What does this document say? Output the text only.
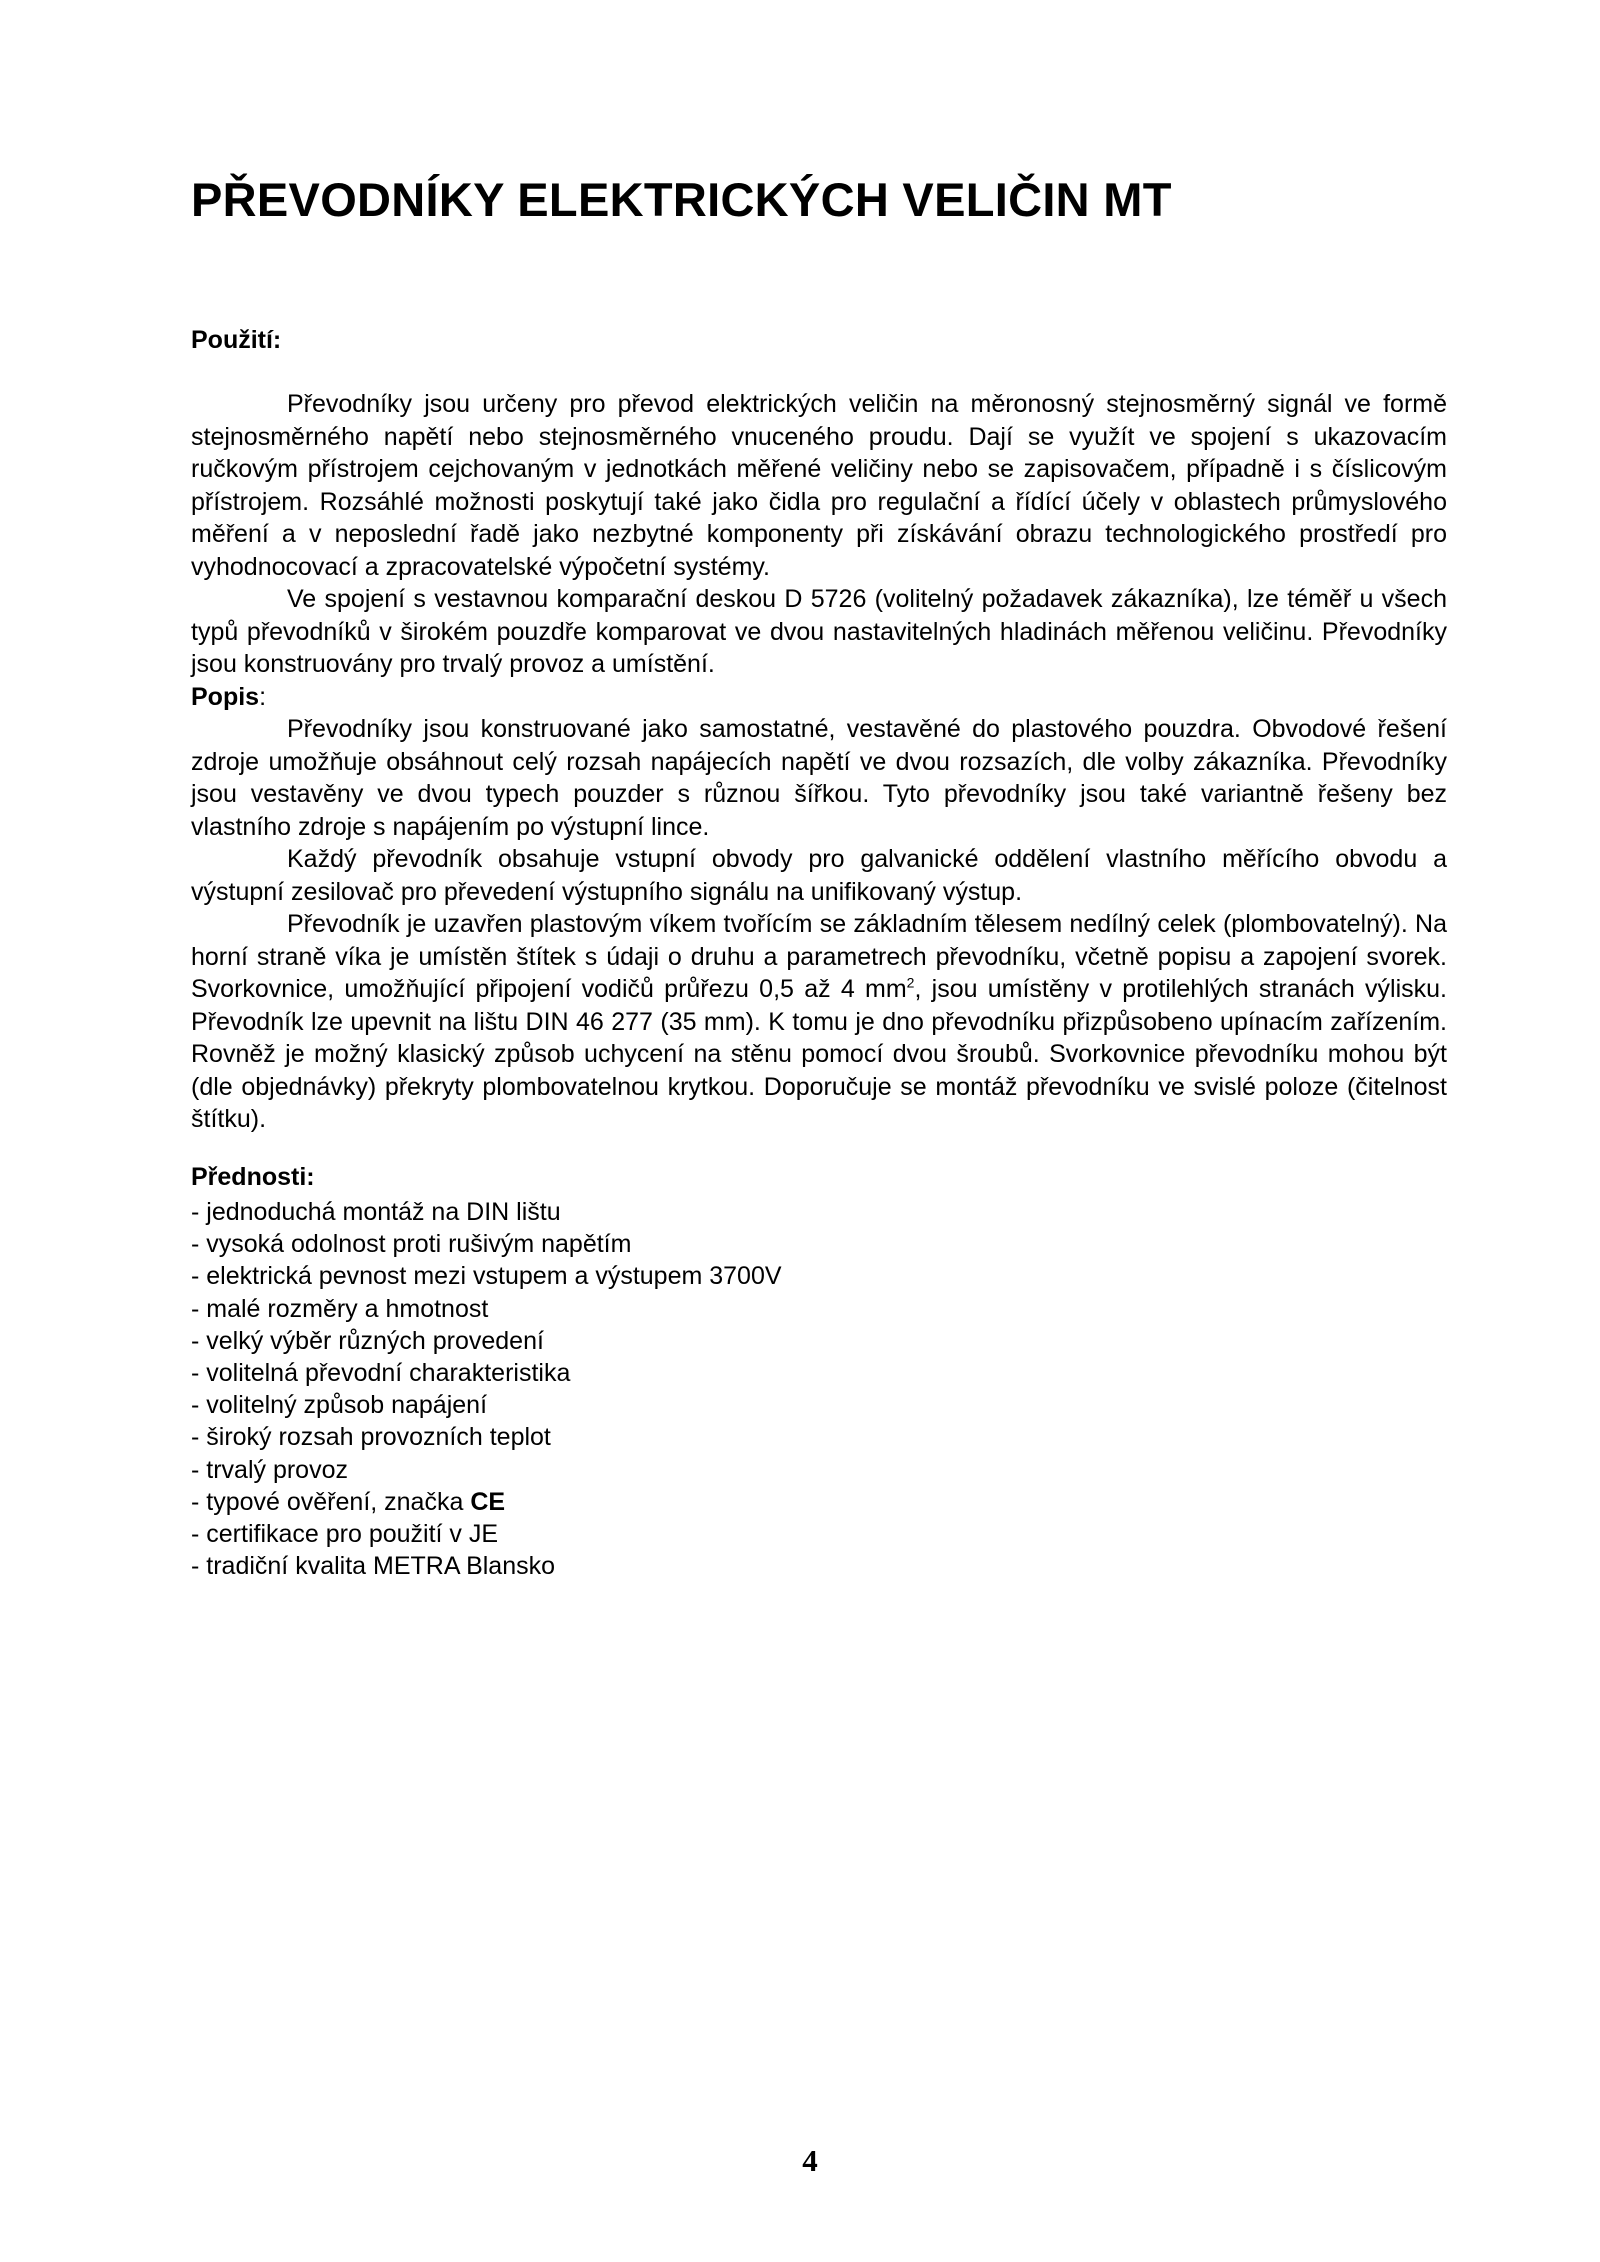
PŘEVODNÍKY ELEKTRICKÝCH VELIČIN MT
Použití:

Převodníky jsou určeny pro převod elektrických veličin na měronosný stejnosměrný signál ve formě stejnosměrného napětí nebo stejnosměrného vnuceného proudu. Dají se využít ve spojení s ukazovacím ručkovým přístrojem cejchovaným v jednotkách měřené veličiny nebo se zapisovačem, případně i s číslicovým přístrojem. Rozsáhlé možnosti poskytují také jako čidla pro regulační a řídící účely v oblastech průmyslového měření a v neposlední řadě jako nezbytné komponenty při získávání obrazu technologického prostředí pro vyhodnocovací a zpracovatelské výpočetní systémy.

Ve spojení s vestavnou komparační deskou D 5726 (volitelný požadavek zákazníka), lze téměř u všech typů převodníků v širokém pouzdře komparovat ve dvou nastavitelných hladinách měřenou veličinu. Převodníky jsou konstruovány pro trvalý provoz a umístění.

Popis:

Převodníky jsou konstruované jako samostatné, vestavěné do plastového pouzdra. Obvodové řešení zdroje umožňuje obsáhnout celý rozsah napájecích napětí ve dvou rozsazích, dle volby zákazníka. Převodníky jsou vestavěny ve dvou typech pouzder s různou šířkou. Tyto převodníky jsou také variantně řešeny bez vlastního zdroje s napájením po výstupní lince.

Každý převodník obsahuje vstupní obvody pro galvanické oddělení vlastního měřícího obvodu a výstupní zesilovač pro převedení výstupního signálu na unifikovaný výstup.

Převodník je uzavřen plastovým víkem tvořícím se základním tělesem nedílný celek (plombovatelný). Na horní straně víka je umístěn štítek s údaji o druhu a parametrech převodníku, včetně popisu a zapojení svorek. Svorkovnice, umožňující připojení vodičů průřezu 0,5 až 4 $mm^2$, jsou umístěny v protilehlých stranách výlisku. Převodník lze upevnit na lištu DIN 46 277 (35 mm). K tomu je dno převodníku přizpůsobeno upínacím zařízením. Rovněž je možný klasický způsob uchycení na stěnu pomocí dvou šroubů. Svorkovnice převodníku mohou být (dle objednávky) překryty plombovatelnou krytkou. Doporučuje se montáž převodníku ve svislé poloze (čitelnost štítku).

Přednosti:
- jednoduchá montáž na DIN lištu
- vysoká odolnost proti rušivým napětím
- elektrická pevnost mezi vstupem a výstupem 3700V
- malé rozměry a hmotnost
- velký výběr různých provedení
- volitelná převodní charakteristika
- volitelný způsob napájení
- široký rozsah provozních teplot
- trvalý provoz
- typové ověření, značka CE
- certifikace pro použití v JE
- tradiční kvalita METRA Blansko
4
